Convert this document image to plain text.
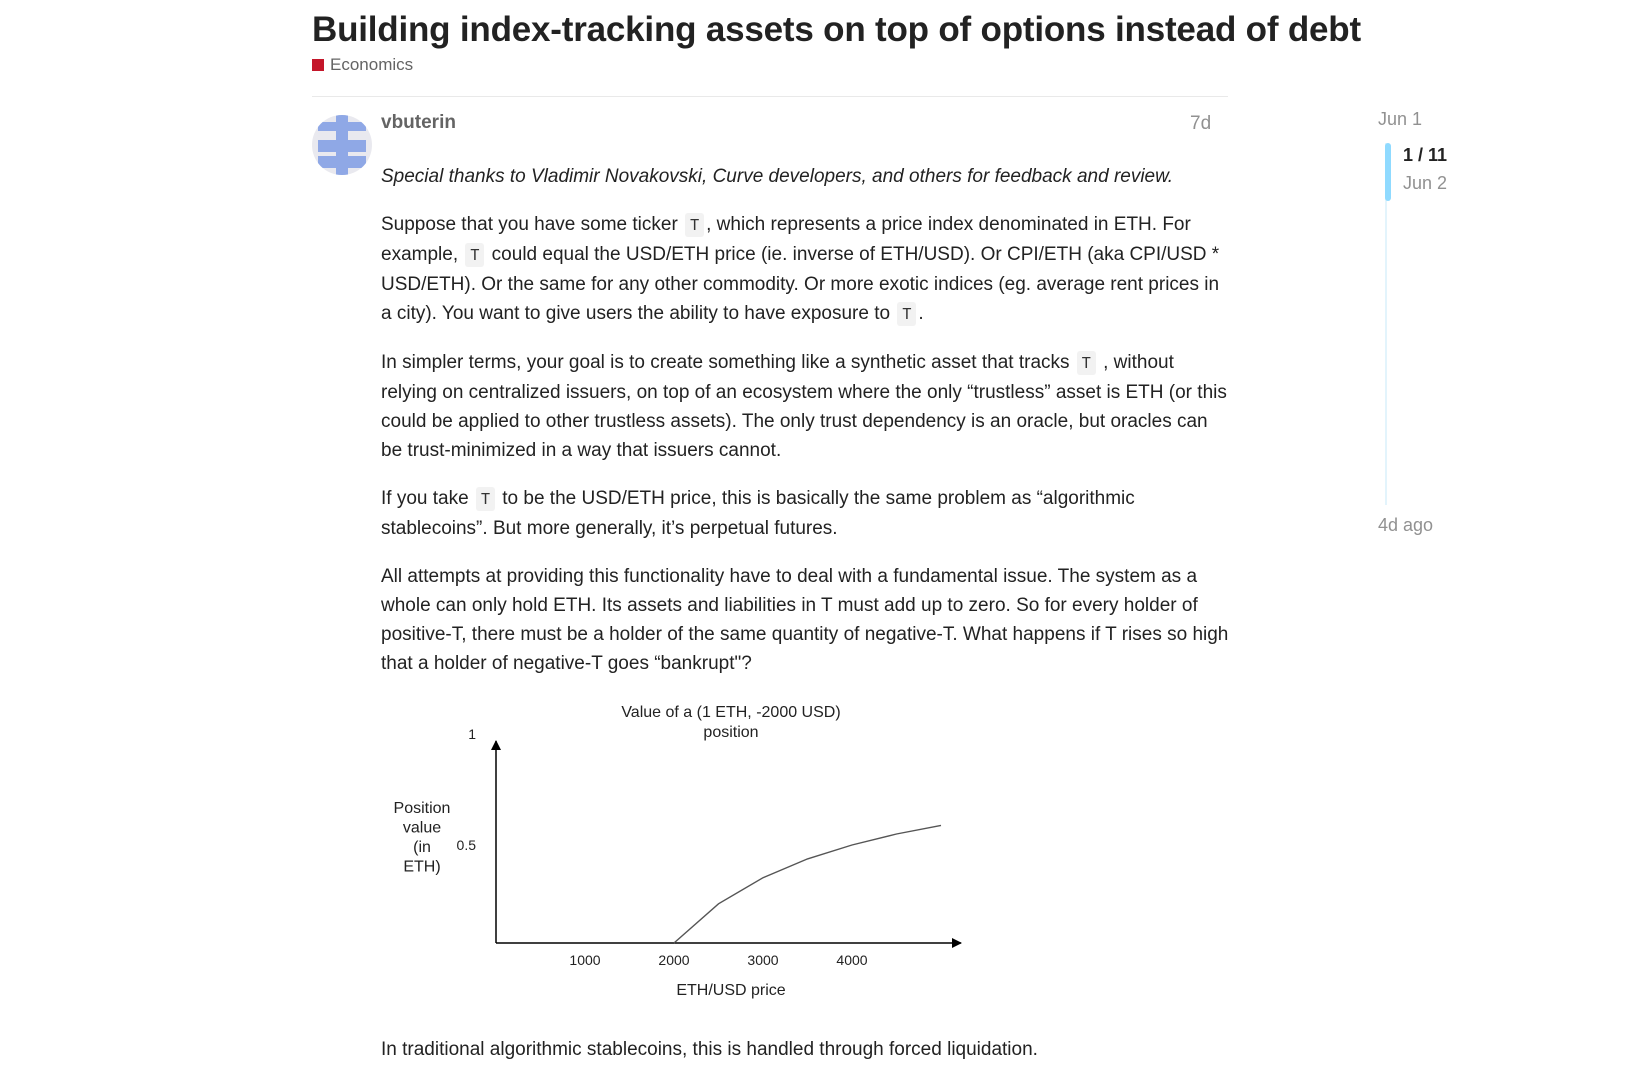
Building index-tracking assets on top of options instead of debt
Economics
vbuterin	7d

Special thanks to Vladimir Novakovski, Curve developers, and others for feedback and review.

Suppose that you have some ticker T , which represents a price index denominated in ETH. For example, T could equal the USD/ETH price (ie. inverse of ETH/USD). Or CPI/ETH (aka CPI/USD * USD/ETH). Or the same for any other commodity. Or more exotic indices (eg. average rent prices in a city). You want to give users the ability to have exposure to T .

In simpler terms, your goal is to create something like a synthetic asset that tracks T , without relying on centralized issuers, on top of an ecosystem where the only “trustless” asset is ETH (or this could be applied to other trustless assets). The only trust dependency is an oracle, but oracles can be trust-minimized in a way that issuers cannot.

If you take T to be the USD/ETH price, this is basically the same problem as “algorithmic stablecoins”. But more generally, it’s perpetual futures.

All attempts at providing this functionality have to deal with a fundamental issue. The system as a whole can only hold ETH. Its assets and liabilities in T must add up to zero. So for every holder of positive-T, there must be a holder of the same quantity of negative-T. What happens if T rises so high that a holder of negative-T goes “bankrupt"?

Value of a (1 ETH, -2000 USD)
position
Position
value
(in
ETH)
1000	2000	3000	4000
0.5
1
ETH/USD price

In traditional algorithmic stablecoins, this is handled through forced liquidation.

Jun 1
1 / 11
Jun 2
4d ago
